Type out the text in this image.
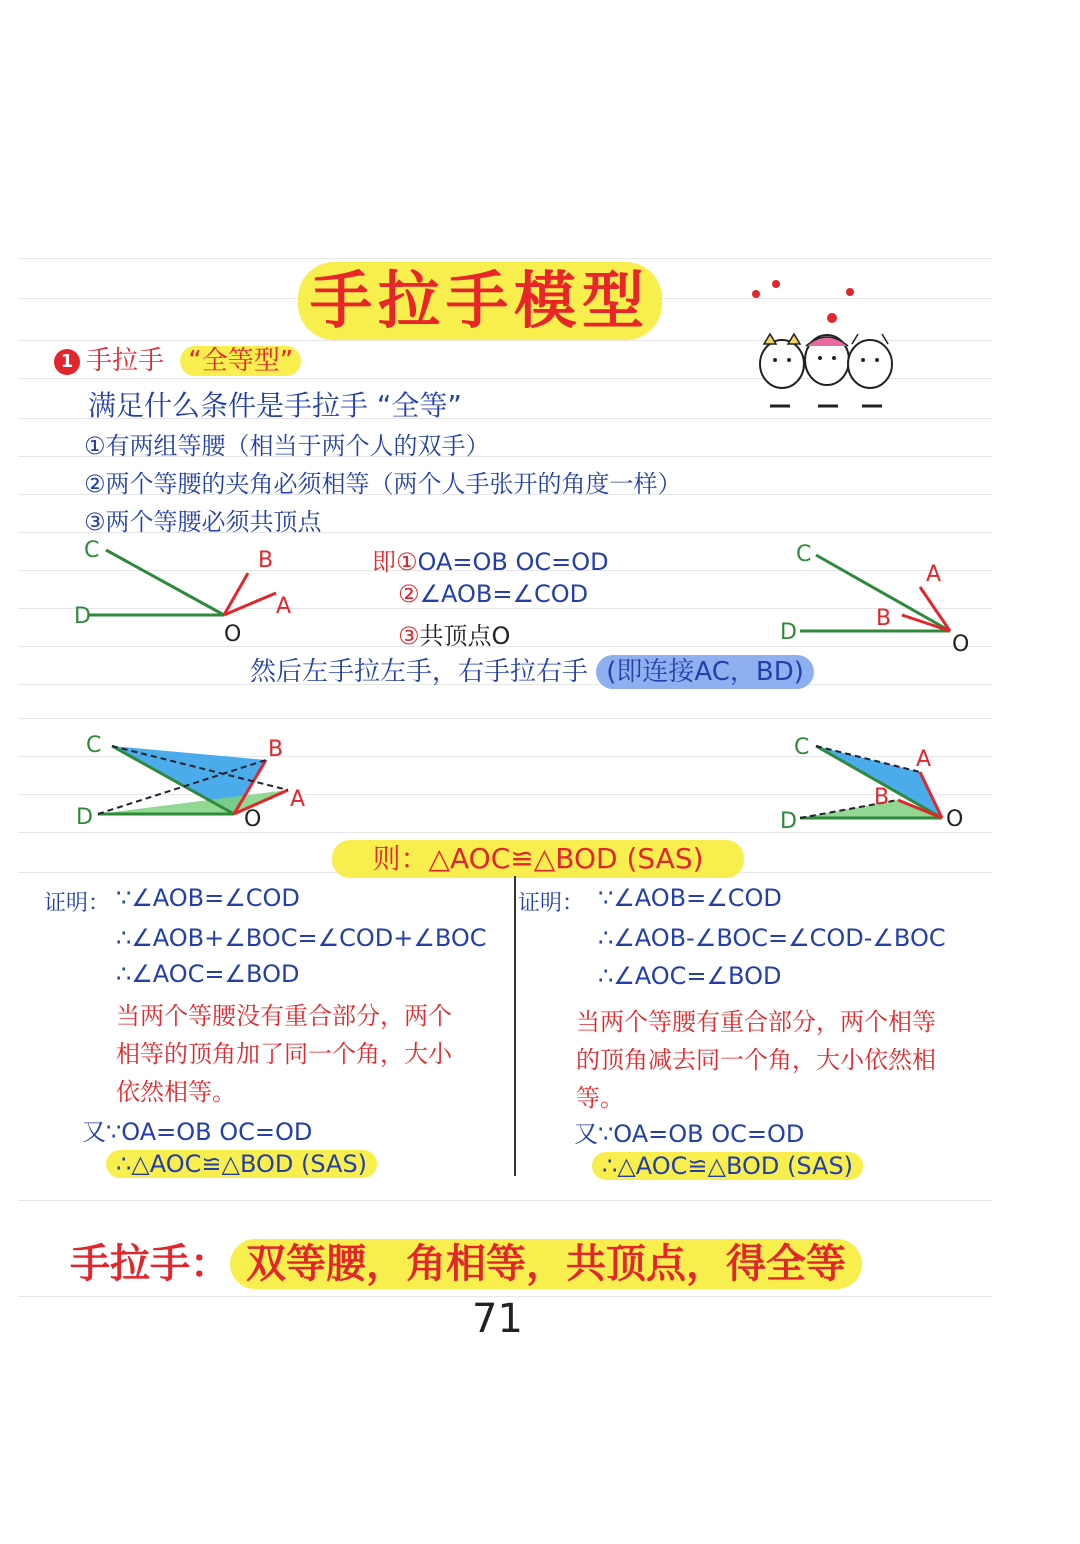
手拉手模型
1 手拉手 “全等型”
满足什么条件是手拉手 “全等”
①有两组等腰（相当于两个人的双手）
②两个等腰的夹角必须相等（两个人手张开的角度一样）
③两个等腰必须共顶点
C	B
A
D
O
即①OA=OB OC=OD
②∠AOB=∠COD
③共顶点O
C
A
B
D	O
然后左手拉左手，右手拉右手 (即连接AC，BD)
C	B
A
D	O
C	A
B
D	O
则：△AOC≌△BOD (SAS)
证明： ∵∠AOB=∠COD
∴∠AOB+∠BOC=∠COD+∠BOC
∴∠AOC=∠BOD
当两个等腰没有重合部分，两个
相等的顶角加了同一个角，大小
依然相等。
又∵OA=OB OC=OD
∴△AOC≌△BOD (SAS)
证明： ∵∠AOB=∠COD
∴∠AOB-∠BOC=∠COD-∠BOC
∴∠AOC=∠BOD
当两个等腰有重合部分，两个相等
的顶角减去同一个角，大小依然相
等。
又∵OA=OB OC=OD
∴△AOC≌△BOD (SAS)
手拉手： 双等腰，角相等，共顶点，得全等
71
